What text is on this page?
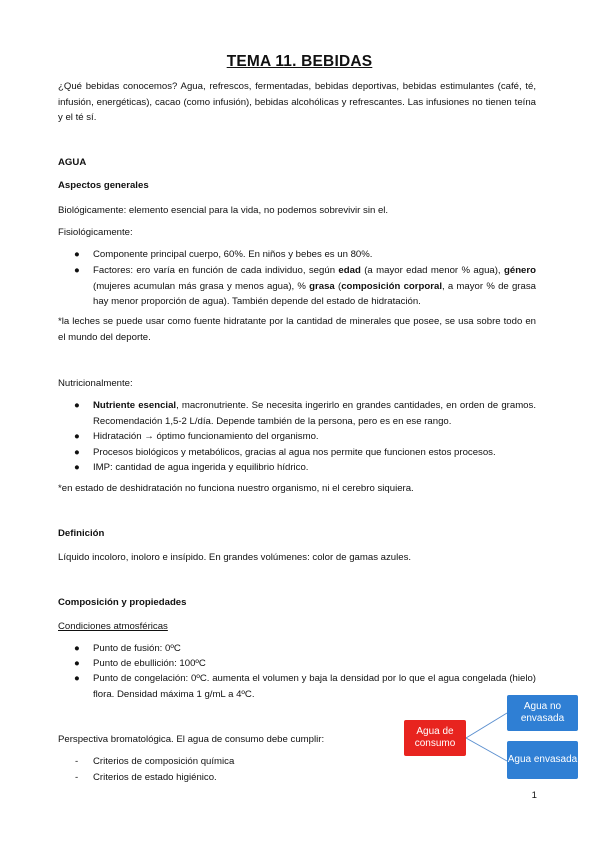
TEMA 11. BEBIDAS
¿Qué bebidas conocemos? Agua, refrescos, fermentadas, bebidas deportivas, bebidas estimulantes (café, té, infusión, energéticas), cacao (como infusión), bebidas alcohólicas y refrescantes. Las infusiones no tienen teína y el té sí.
AGUA
Aspectos generales
Biológicamente: elemento esencial para la vida, no podemos sobrevivir sin el.
Fisiológicamente:
● Componente principal cuerpo, 60%. En niños y bebes es un 80%.
● Factores: ero varía en función de cada individuo, según edad (a mayor edad menor % agua), género (mujeres acumulan más grasa y menos agua), % grasa (composición corporal, a mayor % de grasa hay menor proporción de agua). También depende del estado de hidratación.
*la leches se puede usar como fuente hidratante por la cantidad de minerales que posee, se usa sobre todo en el mundo del deporte.
Nutricionalmente:
● Nutriente esencial, macronutriente. Se necesita ingerirlo en grandes cantidades, en orden de gramos. Recomendación 1,5-2 L/día. Depende también de la persona, pero es en ese rango.
● Hidratación → óptimo funcionamiento del organismo.
● Procesos biológicos y metabólicos, gracias al agua nos permite que funcionen estos procesos.
● IMP: cantidad de agua ingerida y equilibrio hídrico.
*en estado de deshidratación no funciona nuestro organismo, ni el cerebro siquiera.
Definición
Líquido incoloro, inoloro e insípido. En grandes volúmenes: color de gamas azules.
Composición y propiedades
Condiciones atmosféricas
● Punto de fusión: 0ºC
● Punto de ebullición: 100ºC
● Punto de congelación: 0ºC. aumenta el volumen y baja la densidad por lo que el agua congelada (hielo) flora. Densidad máxima 1 g/mL a 4ºC.
Perspectiva bromatológica. El agua de consumo debe cumplir:
- Criterios de composición química
- Criterios de estado higiénico.
Agua de consumo
Agua no envasada
Agua envasada
1
